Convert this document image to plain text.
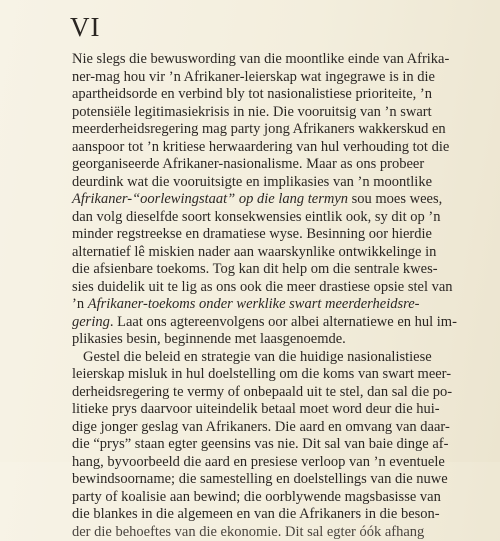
VI
Nie slegs die bewuswording van die moontlike einde van Afrika-
ner-mag hou vir ’n Afrikaner-leierskap wat ingegrawe is in die
apartheidsorde en verbind bly tot nasionalistiese prioriteite, ’n
potensiële legitimasiekrisis in nie. Die vooruitsig van ’n swart
meerderheidsregering mag party jong Afrikaners wakkerskud en
aanspoor tot ’n kritiese herwaardering van hul verhouding tot die
georganiseerde Afrikaner-nasionalisme. Maar as ons probeer
deurdink wat die vooruitsigte en implikasies van ’n moontlike
Afrikaner-“oorlewingstaat” op die lang termyn sou moes wees,
dan volg dieselfde soort konsekwensies eintlik ook, sy dit op ’n
minder regstreekse en dramatiese wyse. Besinning oor hierdie
alternatief lê miskien nader aan waarskynlike ontwikkelinge in
die afsienbare toekoms. Tog kan dit help om die sentrale kwes-
sies duidelik uit te lig as ons ook die meer drastiese opsie stel van
’n Afrikaner-toekoms onder werklike swart meerderheidsre-
gering. Laat ons agtereenvolgens oor albei alternatiewe en hul im-
plikasies besin, beginnende met laasgenoemde.
Gestel die beleid en strategie van die huidige nasionalistiese
leierskap misluk in hul doelstelling om die koms van swart meer-
derheidsregering te vermy of onbepaald uit te stel, dan sal die po-
litieke prys daarvoor uiteindelik betaal moet word deur die hui-
dige jonger geslag van Afrikaners. Die aard en omvang van daar-
die “prys” staan egter geensins vas nie. Dit sal van baie dinge af-
hang, byvoorbeeld die aard en presiese verloop van ’n eventuele
bewindsoorname; die samestelling en doelstellings van die nuwe
party of koalisie aan bewind; die oorblywende magsbasisse van
die blankes in die algemeen en van die Afrikaners in die beson-
der die behoeftes van die ekonomie. Dit sal egter óók afhang
